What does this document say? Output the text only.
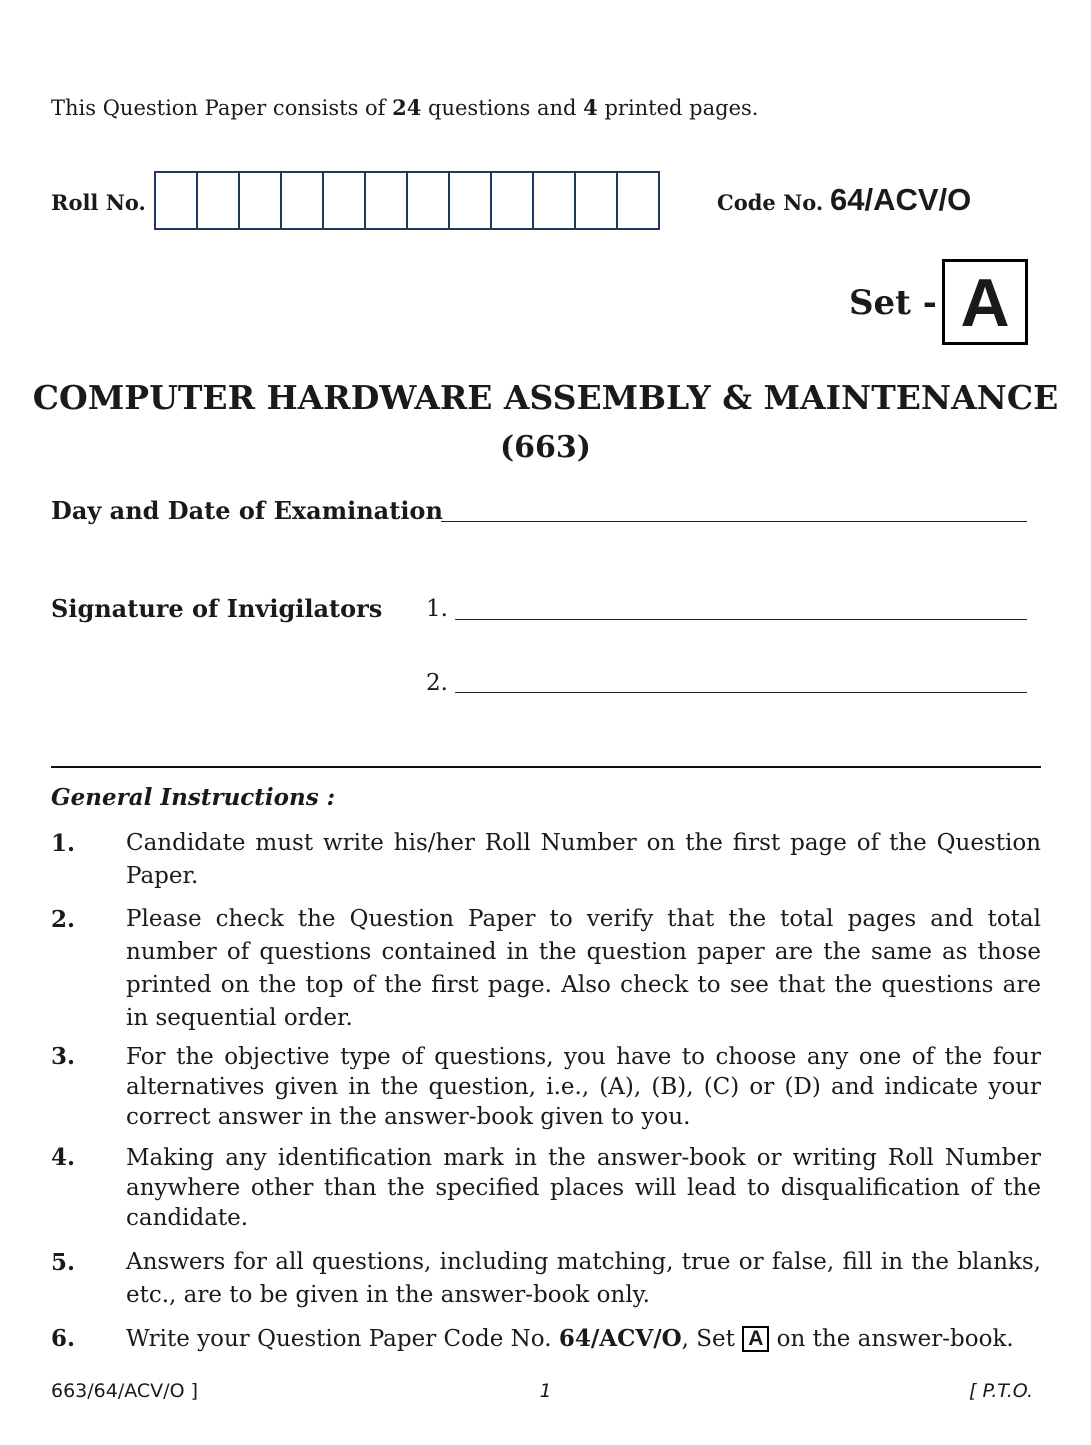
This Question Paper consists of 24 questions and 4 printed pages.
Roll No.	Code No. 64/ACV/O
Set - A
COMPUTER HARDWARE ASSEMBLY & MAINTENANCE
(663)
Day and Date of Examination
Signature of Invigilators 1.
2.
General Instructions :
1.	Candidate must write his/her Roll Number on the first page of the Question Paper.
2.	Please check the Question Paper to verify that the total pages and total number of questions contained in the question paper are the same as those printed on the top of the first page. Also check to see that the questions are in sequential order.
3.	For the objective type of questions, you have to choose any one of the four alternatives given in the question, i.e., (A), (B), (C) or (D) and indicate your correct answer in the answer-book given to you.
4.	Making any identification mark in the answer-book or writing Roll Number anywhere other than the specified places will lead to disqualification of the candidate.
5.	Answers for all questions, including matching, true or false, fill in the blanks, etc., are to be given in the answer-book only.
6.	Write your Question Paper Code No. 64/ACV/O, Set A on the answer-book.
663/64/ACV/O ]	1	[ P.T.O.
